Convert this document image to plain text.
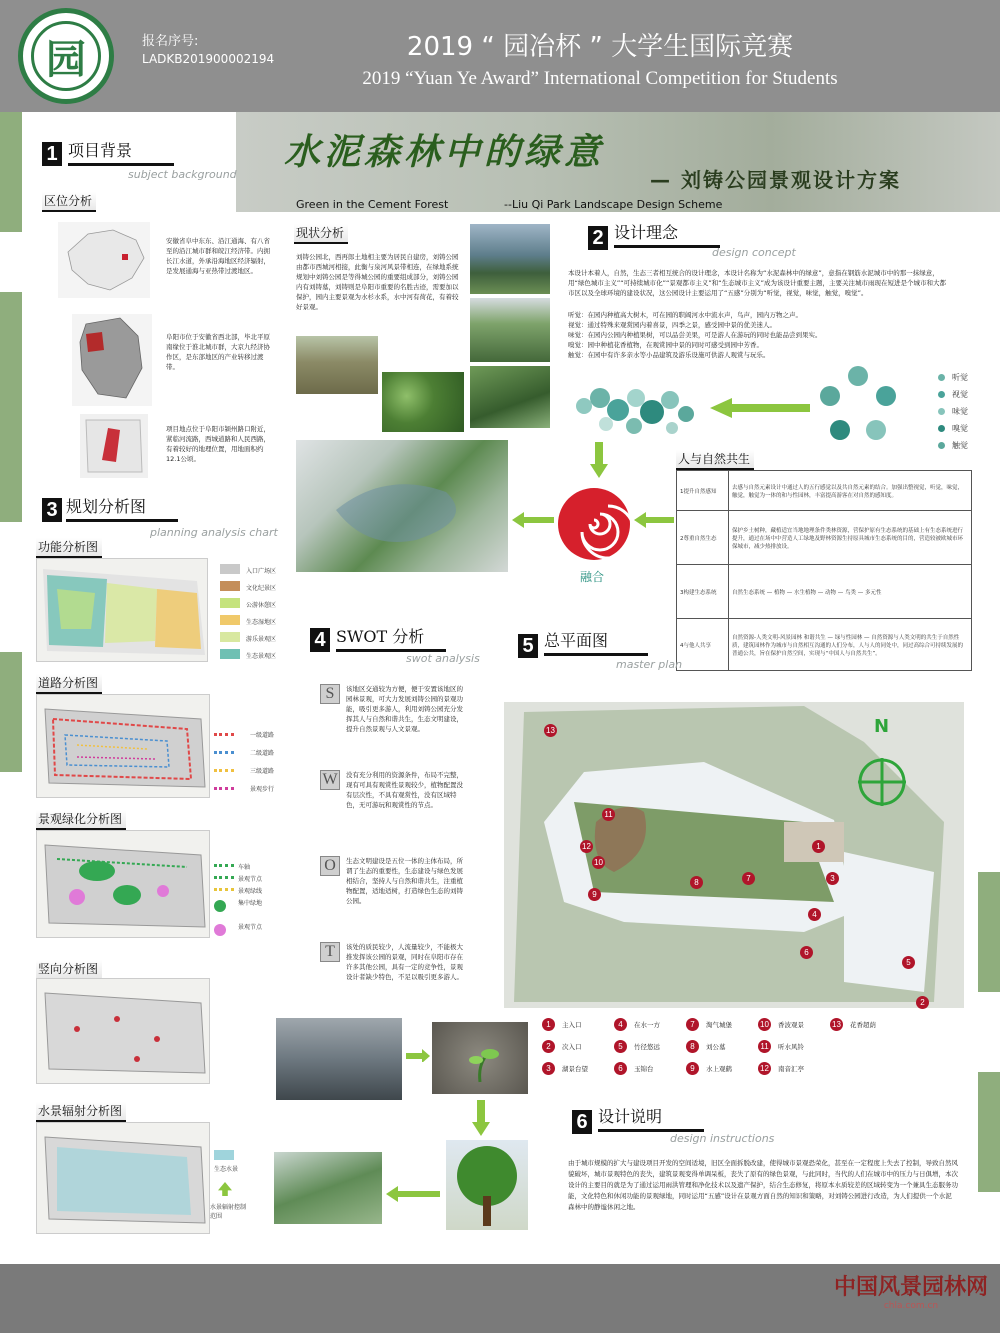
园	报名序号:
LADKB201900002194	2019 “ 园冶杯 ” 大学生国际竞赛
2019 “Yuan Ye Award” International Competition for Students
水泥森林中的绿意
— 刘铸公园景观设计方案
Green in the Cement Forest	--Liu Qi Park Landscape Design Scheme
1 项目背景
subject background
区位分析
安徽省阜中东东、沿江通海、有八省至的沿江城市群和皖江经济带。内拥长江水道，外承沿海地区经济辐射，是发展通海与亚热带过渡地区。
阜阳市位于安徽省西北部，毕北平原南缘位于淮北城市群，大京九经济协作区，是东部地区的产业转移过渡带。
项目地点位于阜阳市颍州路口附近，紧临河流路，西城道路和人民西路，有着较好的地理位置，用地面积约12.1公顷。
现状分析
刘铸公园北，西再郎土地相主要为居民自建房，刘铸公园由都市西城河相接，此衡与泉河风景带相连，在绿地系统规划中刘铸公园是等得城公园的重要组成部分，刘铸公园内有刘铸墓，刘铸则是阜阳市重要的名胜古迹，需要加以保护，园内主要景观为水杉水系，水中河有荷花，有着较好景观。
2 设计理念
design concept
本设计本着人，自然，生态三者相互统合的设计理念，本设计名称为“水泥森林中的绿意”，意指在钢筋水泥城市中的那一抹绿意，用“绿色城市主义”“可持续城市化”“景观都市主义”和“生态城市主义”成为该设计重要主题，主要关注城市雨现在短进是个城市和大都市区以及全球环境的建设状况，这公园设计主要运用了“五感”分别为“听觉，视觉，味觉，触觉，嗅觉”。
听觉：在园内种植高大树木，可在园的职阔河水中流水声，鸟声，园内万物之声。
视觉：通过特殊来观赏园内着喜景，四季之景，感受园中景的优美迷人。
味觉：在园内公园内种植果树，可以品尝美果，可是游人在游玩的同时也能品尝到果实。
嗅觉：园中种植花香植物，在观赏园中景的同时可感受到园中芳香。
触觉：在园中有许多亲水等小品建筑及游乐设施可供游人观赏与玩乐。
融合
人与自然共生
1提升自然感知	去感与自然元素设计中通过人的五行感觉以及共自然元素的结合。加强出整视觉，听觉，味觉，触觉，触觉为一体的和与性园林，丰富提高游客在对自然的感知度。
2尊重自然生态	保护乡土树种，藏植适宜当地地理条件类林资源，营保护原有生态系统的基础上有生态系统进行提升，通过在场中中营造人工绿地及野林资源生持原具城市生态系统的目的，营造较被欧城市环保城市，减少热排放设。
3构建生态系统	自然生态系统 — 植物 — 水生植物 — 动物 — 鸟类 — 多元性
4与他人共享	自然资源-人类文明-风景园林 和谐共生 — 绿与性园林 — 自然资源与人类文明的共生于自然性质，建筑园林作为城市与自然相互沟通的人们分布，人与人的同处中，同过高综合可持续发展的普通公共，旨在保护自然空间，实现与“中国人与自然共生”。
3 规划分析图
planning analysis chart
功能分析图
道路分析图
景观绿化分析图
竖向分析图
水景辐射分析图
4 SWOT 分析
swot analysis
5 总平面图
master plan
N
6 设计说明
design instructions
由于城市规模的扩大与建设项目开发的空间适境，旧区全面拆脱改建，使得城市景观恐荣化，甚至在一定程度上失去了控制，导致自然风貌破坏，城市景观特色的丧失，建筑景观变得单调呆板，丧失了原有的绿色景观，与此同时，当代的人们在城市中的压力与日俱增，本次设计的主要目的就是为了通过运用雨洪管理和净化技术以及遗产保护，结合生态修复，将原本水质较差的区域转变为一个兼具生态服务功能，文化特色和休闲功能的景观绿地，同时运用“五感”设计在景观方面自然的知识和策略，对刘铸公园进行改造，为人们提供一个水泥森林中的静谧休闲之地。
听觉
视觉
味觉
嗅觉
触觉
入口广场区
文化纪景区
公游休憩区
生态湿地区
游乐景观区
生态景观区
一级道路
二级道路
三级道路
景观步行
车轴
景观节点
景观绿线
集中绿地
景观节点
生态水景
水景辐射控制范围
S	该地区交通较为方便，便于安置该地区的园林景观，可大力发展刘铸公园的景观功能，吸引更多游人，利用刘铸公园充分发挥其人与自然和谐共生，生态文明建设，提升自然景观与人文景观。
W	没有充分利用的资源条件，布局不完整，现有可具有观赏性景观较少，植物配置没有层次性，不具有观赏性，没有区域特色，无可游玩和观赏性的节点。
O	生态文明建设是五位一体的主体布局，所谓了生态的重要性，生态建设与绿色发展相结合，坚持人与自然和谐共生，注重植物配置，适地适树，打造绿色生态的刘铸公园。
T	该处的质民较少，人流量较少，不能极大推发挥该公园的景观，同时在阜阳市存在许多其他公园，具有一定的竞争性，景观设计者缺少特色，不足以吸引更多游人。
1
2
3
4
5
6
7
8
9
10
11
12
13
1	主入口	4	在水一方	7	淘气城堡	10	香波观景	13	花香超荫
2	次入口	5	竹径悠远	8	刘公墓	11	听水风铃
3	湖景台望	6	玉锦台	9	水上观鹤	12	南音汇亭
中国风景园林网
chla.com.cn
